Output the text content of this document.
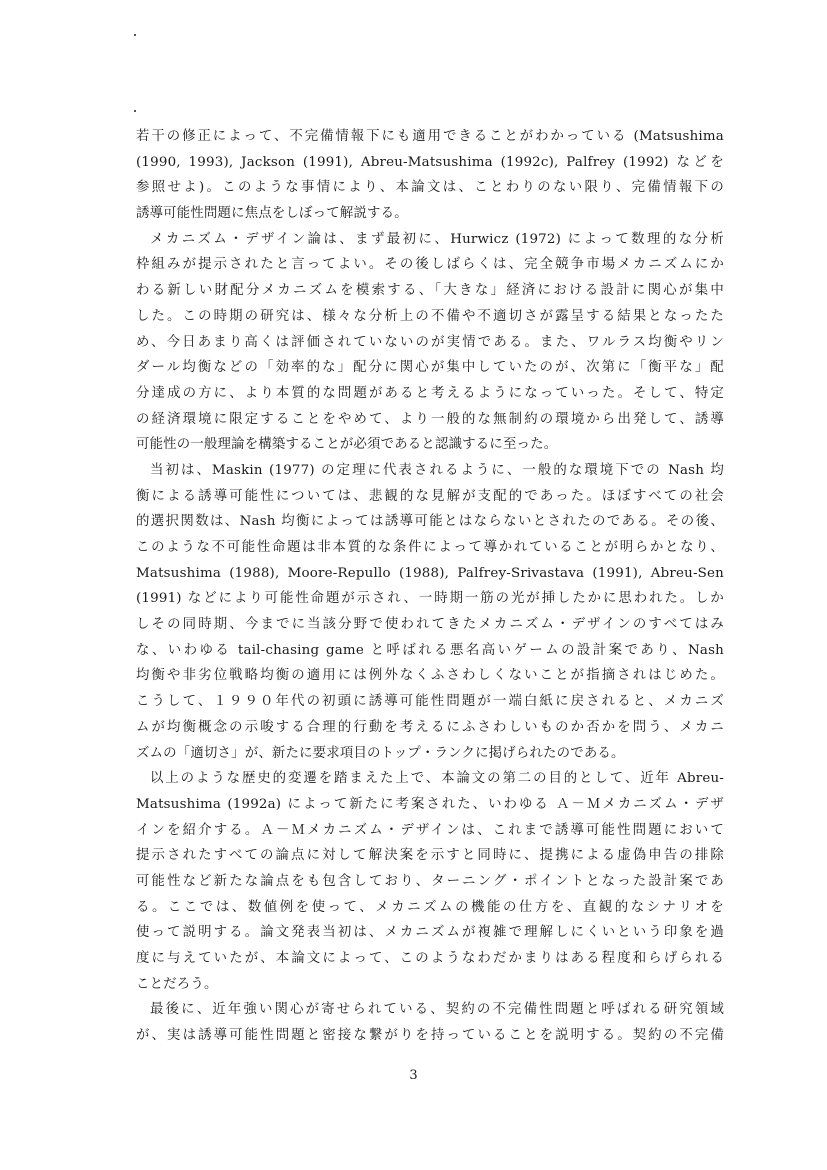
若干の修正によって、不完備情報下にも適用できることがわかっている (Matsushima
(1990, 1993), Jackson (1991), Abreu-Matsushima (1992c), Palfrey (1992) などを
参照せよ)。このような事情により、本論文は、ことわりのない限り、完備情報下の
誘導可能性問題に焦点をしぼって解説する。
メカニズム・デザイン論は、まず最初に、Hurwicz (1972) によって数理的な分析
枠組みが提示されたと言ってよい。その後しばらくは、完全競争市場メカニズムにか
わる新しい財配分メカニズムを模索する、「大きな」経済における設計に関心が集中
した。この時期の研究は、様々な分析上の不備や不適切さが露呈する結果となったた
め、今日あまり高くは評価されていないのが実情である。また、ワルラス均衡やリン
ダール均衡などの「効率的な」配分に関心が集中していたのが、次第に「衡平な」配
分達成の方に、より本質的な問題があると考えるようになっていった。そして、特定
の経済環境に限定することをやめて、より一般的な無制約の環境から出発して、誘導
可能性の一般理論を構築することが必須であると認識するに至った。
当初は、Maskin (1977) の定理に代表されるように、一般的な環境下での Nash 均
衡による誘導可能性については、悲観的な見解が支配的であった。ほぼすべての社会
的選択関数は、Nash 均衡によっては誘導可能とはならないとされたのである。その後、
このような不可能性命題は非本質的な条件によって導かれていることが明らかとなり、
Matsushima (1988), Moore-Repullo (1988), Palfrey-Srivastava (1991), Abreu-Sen
(1991) などにより可能性命題が示され、一時期一筋の光が挿したかに思われた。しか
しその同時期、今までに当該分野で使われてきたメカニズム・デザインのすべてはみ
な、いわゆる tail-chasing game と呼ばれる悪名高いゲームの設計案であり、Nash
均衡や非劣位戦略均衡の適用には例外なくふさわしくないことが指摘されはじめた。
こうして、１９９０年代の初頭に誘導可能性問題が一端白紙に戻されると、メカニズ
ムが均衡概念の示唆する合理的行動を考えるにふさわしいものか否かを問う、メカニ
ズムの「適切さ」が、新たに要求項目のトップ・ランクに掲げられたのである。
以上のような歴史的変遷を踏まえた上で、本論文の第二の目的として、近年 Abreu-
Matsushima (1992a) によって新たに考案された、いわゆる Ａ－Ｍメカニズム・デザ
インを紹介する。Ａ－Ｍメカニズム・デザインは、これまで誘導可能性問題において
提示されたすべての論点に対して解決案を示すと同時に、提携による虚偽申告の排除
可能性など新たな論点をも包含しており、ターニング・ポイントとなった設計案であ
る。ここでは、数値例を使って、メカニズムの機能の仕方を、直観的なシナリオを
使って説明する。論文発表当初は、メカニズムが複雑で理解しにくいという印象を過
度に与えていたが、本論文によって、このようなわだかまりはある程度和らげられる
ことだろう。
最後に、近年強い関心が寄せられている、契約の不完備性問題と呼ばれる研究領域
が、実は誘導可能性問題と密接な繋がりを持っていることを説明する。契約の不完備
3
